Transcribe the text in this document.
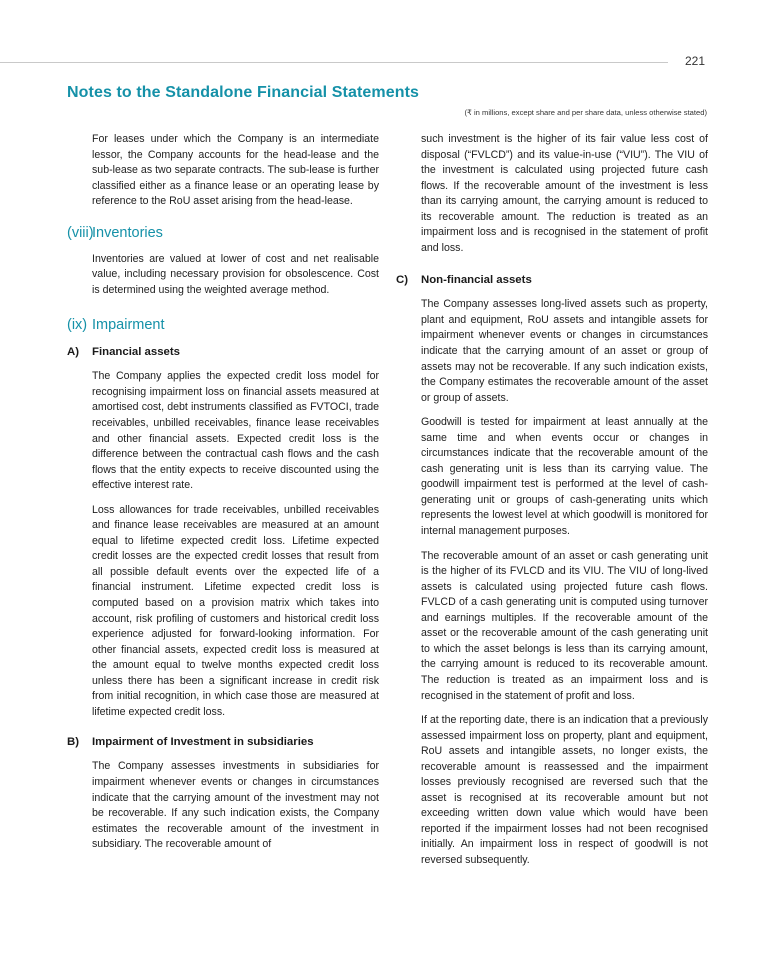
221
Notes to the Standalone Financial Statements
(₹ in millions, except share and per share data, unless otherwise stated)

For leases under which the Company is an intermediate lessor, the Company accounts for the head-lease and the sub-lease as two separate contracts. The sub-lease is further classified either as a finance lease or an operating lease by reference to the RoU asset arising from the head-lease.

(viii)Inventories

Inventories are valued at lower of cost and net realisable value, including necessary provision for obsolescence. Cost is determined using the weighted average method.

(ix) Impairment
A) Financial assets

The Company applies the expected credit loss model for recognising impairment loss on financial assets measured at amortised cost, debt instruments classified as FVTOCI, trade receivables, unbilled receivables, finance lease receivables and other financial assets. Expected credit loss is the difference between the contractual cash flows and the cash flows that the entity expects to receive discounted using the effective interest rate.

Loss allowances for trade receivables, unbilled receivables and finance lease receivables are measured at an amount equal to lifetime expected credit loss. Lifetime expected credit losses are the expected credit losses that result from all possible default events over the expected life of a financial instrument. Lifetime expected credit loss is computed based on a provision matrix which takes into account, risk profiling of customers and historical credit loss experience adjusted for forward-looking information. For other financial assets, expected credit loss is measured at the amount equal to twelve months expected credit loss unless there has been a significant increase in credit risk from initial recognition, in which case those are measured at lifetime expected credit loss.

B) Impairment of Investment in subsidiaries

The Company assesses investments in subsidiaries for impairment whenever events or changes in circumstances indicate that the carrying amount of the investment may not be recoverable. If any such indication exists, the Company estimates the recoverable amount of the investment in subsidiary. The recoverable amount of

such investment is the higher of its fair value less cost of disposal (“FVLCD”) and its value-in-use (“VIU”). The VIU of the investment is calculated using projected future cash flows. If the recoverable amount of the investment is less than its carrying amount, the carrying amount is reduced to its recoverable amount. The reduction is treated as an impairment loss and is recognised in the statement of profit and loss.

C) Non-financial assets

The Company assesses long-lived assets such as property, plant and equipment, RoU assets and intangible assets for impairment whenever events or changes in circumstances indicate that the carrying amount of an asset or group of assets may not be recoverable. If any such indication exists, the Company estimates the recoverable amount of the asset or group of assets.

Goodwill is tested for impairment at least annually at the same time and when events occur or changes in circumstances indicate that the recoverable amount of the cash generating unit is less than its carrying value. The goodwill impairment test is performed at the level of cash-generating unit or groups of cash-generating units which represents the lowest level at which goodwill is monitored for internal management purposes.

The recoverable amount of an asset or cash generating unit is the higher of its FVLCD and its VIU. The VIU of long-lived assets is calculated using projected future cash flows. FVLCD of a cash generating unit is computed using turnover and earnings multiples. If the recoverable amount of the asset or the recoverable amount of the cash generating unit to which the asset belongs is less than its carrying amount, the carrying amount is reduced to its recoverable amount. The reduction is treated as an impairment loss and is recognised in the statement of profit and loss.

If at the reporting date, there is an indication that a previously assessed impairment loss on property, plant and equipment, RoU assets and intangible assets, no longer exists, the recoverable amount is reassessed and the impairment losses previously recognised are reversed such that the asset is recognised at its recoverable amount but not exceeding written down value which would have been reported if the impairment losses had not been recognised initially. An impairment loss in respect of goodwill is not reversed subsequently.
